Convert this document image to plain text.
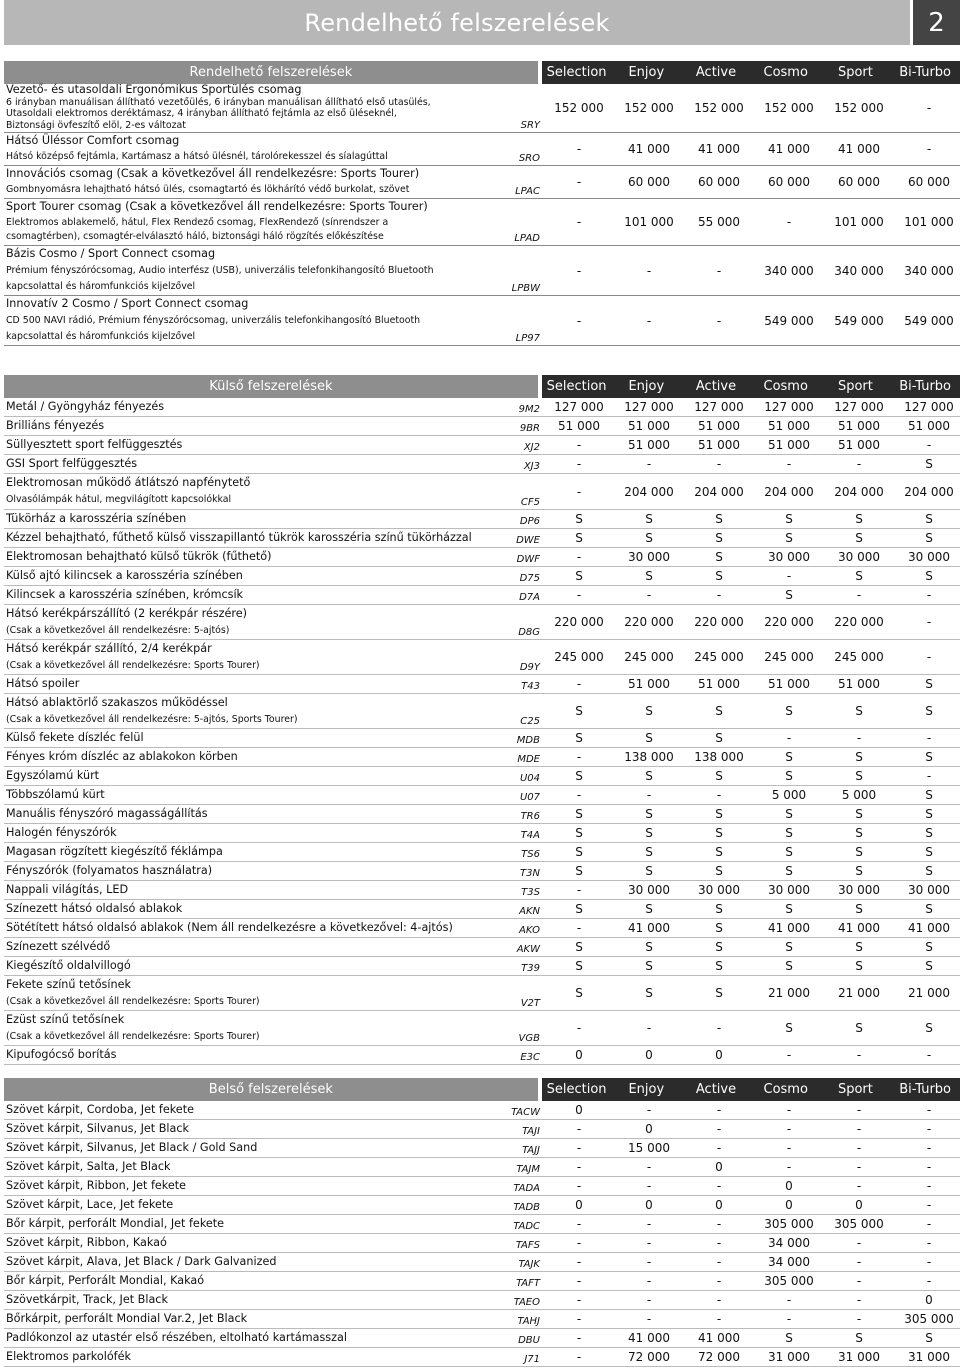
Rendelhető felszerelések	2
Rendelhető felszerelések	Selection	Enjoy	Active	Cosmo	Sport	Bi-Turbo
Vezető- és utasoldali Ergonómikus Sportülés csomag
6 irányban manuálisan állítható vezetőülés, 6 irányban manuálisan állítható első utasülés,
Utasoldali elektromos deréktámasz, 4 irányban állítható fejtámla az első üléseknél,
Biztonsági övfeszítő elöl, 2-es változat	SRY
152 000	152 000	152 000	152 000	152 000	-
Hátsó Üléssor Comfort csomag
Hátsó középső fejtámla, Kartámasz a hátsó ülésnél, tárolórekesszel és síalagúttal	SRO
-	41 000	41 000	41 000	41 000	-
Innovációs csomag (Csak a következővel áll rendelkezésre: Sports Tourer)
Gombnyomásra lehajtható hátsó ülés, csomagtartó és lökhárító védő burkolat, szövet	LPAC
-	60 000	60 000	60 000	60 000	60 000
Sport Tourer csomag (Csak a következővel áll rendelkezésre: Sports Tourer)
Elektromos ablakemelő, hátul, Flex Rendező csomag, FlexRendező (sínrendszer a
csomagtérben), csomagtér-elválasztó háló, biztonsági háló rögzítés előkészítése	LPAD
-	101 000	55 000	-	101 000	101 000
Bázis Cosmo / Sport Connect csomag
Prémium fényszórócsomag, Audio interfész (USB), univerzális telefonkihangosító Bluetooth
kapcsolattal és háromfunkciós kijelzővel	LPBW
-	-	-	340 000	340 000	340 000
Innovatív 2 Cosmo / Sport Connect csomag
CD 500 NAVI rádió, Prémium fényszórócsomag, univerzális telefonkihangosító Bluetooth
kapcsolattal és háromfunkciós kijelzővel	LP97
-	-	-	549 000	549 000	549 000
Külső felszerelések	Selection	Enjoy	Active	Cosmo	Sport	Bi-Turbo
Metál / Gyöngyház fényezés	9M2	127 000	127 000	127 000	127 000	127 000	127 000
Brilliáns fényezés	9BR	51 000	51 000	51 000	51 000	51 000	51 000
Süllyesztett sport felfüggesztés	XJ2	-	51 000	51 000	51 000	51 000	-
GSI Sport felfüggesztés	XJ3	-	-	-	-	-	S
Elektromosan működő átlátszó napfénytető
Olvasólámpák hátul, megvilágított kapcsolókkal	CF5
-	204 000	204 000	204 000	204 000	204 000
Tükörház a karosszéria színében	DP6	S	S	S	S	S	S
Kézzel behajtható, fűthető külső visszapillantó tükrök karosszéria színű tükörházzal	DWE	S	S	S	S	S	S
Elektromosan behajtható külső tükrök (fűthető)	DWF	-	30 000	S	30 000	30 000	30 000
Külső ajtó kilincsek a karosszéria színében	D75	S	S	S	-	S	S
Kilincsek a karosszéria színében, krómcsík	D7A	-	-	-	S	-	-
Hátsó kerékpárszállító (2 kerékpár részére)
(Csak a következővel áll rendelkezésre: 5-ajtós)	D8G
220 000	220 000	220 000	220 000	220 000	-
Hátsó kerékpár szállító, 2/4 kerékpár
(Csak a következővel áll rendelkezésre: Sports Tourer)	D9Y
245 000	245 000	245 000	245 000	245 000	-
Hátsó spoiler	T43	-	51 000	51 000	51 000	51 000	S
Hátsó ablaktörlő szakaszos működéssel
(Csak a következővel áll rendelkezésre: 5-ajtós, Sports Tourer)	C25
S	S	S	S	S	S
Külső fekete díszléc felül	MDB	S	S	S	-	-	-
Fényes króm díszléc az ablakokon körben	MDE	-	138 000	138 000	S	S	S
Egyszólamú kürt	U04	S	S	S	S	S	-
Többszólamú kürt	U07	-	-	-	5 000	5 000	S
Manuális fényszóró magasságállítás	TR6	S	S	S	S	S	S
Halogén fényszórók	T4A	S	S	S	S	S	S
Magasan rögzített kiegészítő féklámpa	TS6	S	S	S	S	S	S
Fényszórók (folyamatos használatra)	T3N	S	S	S	S	S	S
Nappali világítás, LED	T3S	-	30 000	30 000	30 000	30 000	30 000
Színezett hátsó oldalsó ablakok	AKN	S	S	S	S	S	S
Sötétített hátsó oldalsó ablakok (Nem áll rendelkezésre a következővel: 4-ajtós)	AKO	-	41 000	S	41 000	41 000	41 000
Színezett szélvédő	AKW	S	S	S	S	S	S
Kiegészítő oldalvillogó	T39	S	S	S	S	S	S
Fekete színű tetősínek
(Csak a következővel áll rendelkezésre: Sports Tourer)	V2T
S	S	S	21 000	21 000	21 000
Ezüst színű tetősínek
(Csak a következővel áll rendelkezésre: Sports Tourer)	VGB
-	-	-	S	S	S
Kipufogócső borítás	E3C	0	0	0	-	-	-
Belső felszerelések	Selection	Enjoy	Active	Cosmo	Sport	Bi-Turbo
Szövet kárpit, Cordoba, Jet fekete	TACW	0	-	-	-	-	-
Szövet kárpit, Silvanus, Jet Black	TAJI	-	0	-	-	-	-
Szövet kárpit, Silvanus, Jet Black / Gold Sand	TAJJ	-	15 000	-	-	-	-
Szövet kárpit, Salta, Jet Black	TAJM	-	-	0	-	-	-
Szövet kárpit, Ribbon, Jet fekete	TADA	-	-	-	0	-	-
Szövet kárpit, Lace, Jet fekete	TADB	0	0	0	0	0	-
Bőr kárpit, perforált Mondial, Jet fekete	TADC	-	-	-	305 000	305 000	-
Szövet kárpit, Ribbon, Kakaó	TAFS	-	-	-	34 000	-	-
Szövet kárpit, Alava, Jet Black / Dark Galvanized	TAJK	-	-	-	34 000	-	-
Bőr kárpit, Perforált Mondial, Kakaó	TAFT	-	-	-	305 000	-	-
Szövetkárpit, Track, Jet Black	TAEO	-	-	-	-	-	0
Bőrkárpit, perforált Mondial Var.2, Jet Black	TAHJ	-	-	-	-	-	305 000
Padlókonzol az utastér első részében, eltolható kartámasszal	DBU	-	41 000	41 000	S	S	S
Elektromos parkolófék	J71	-	72 000	72 000	31 000	31 000	31 000
